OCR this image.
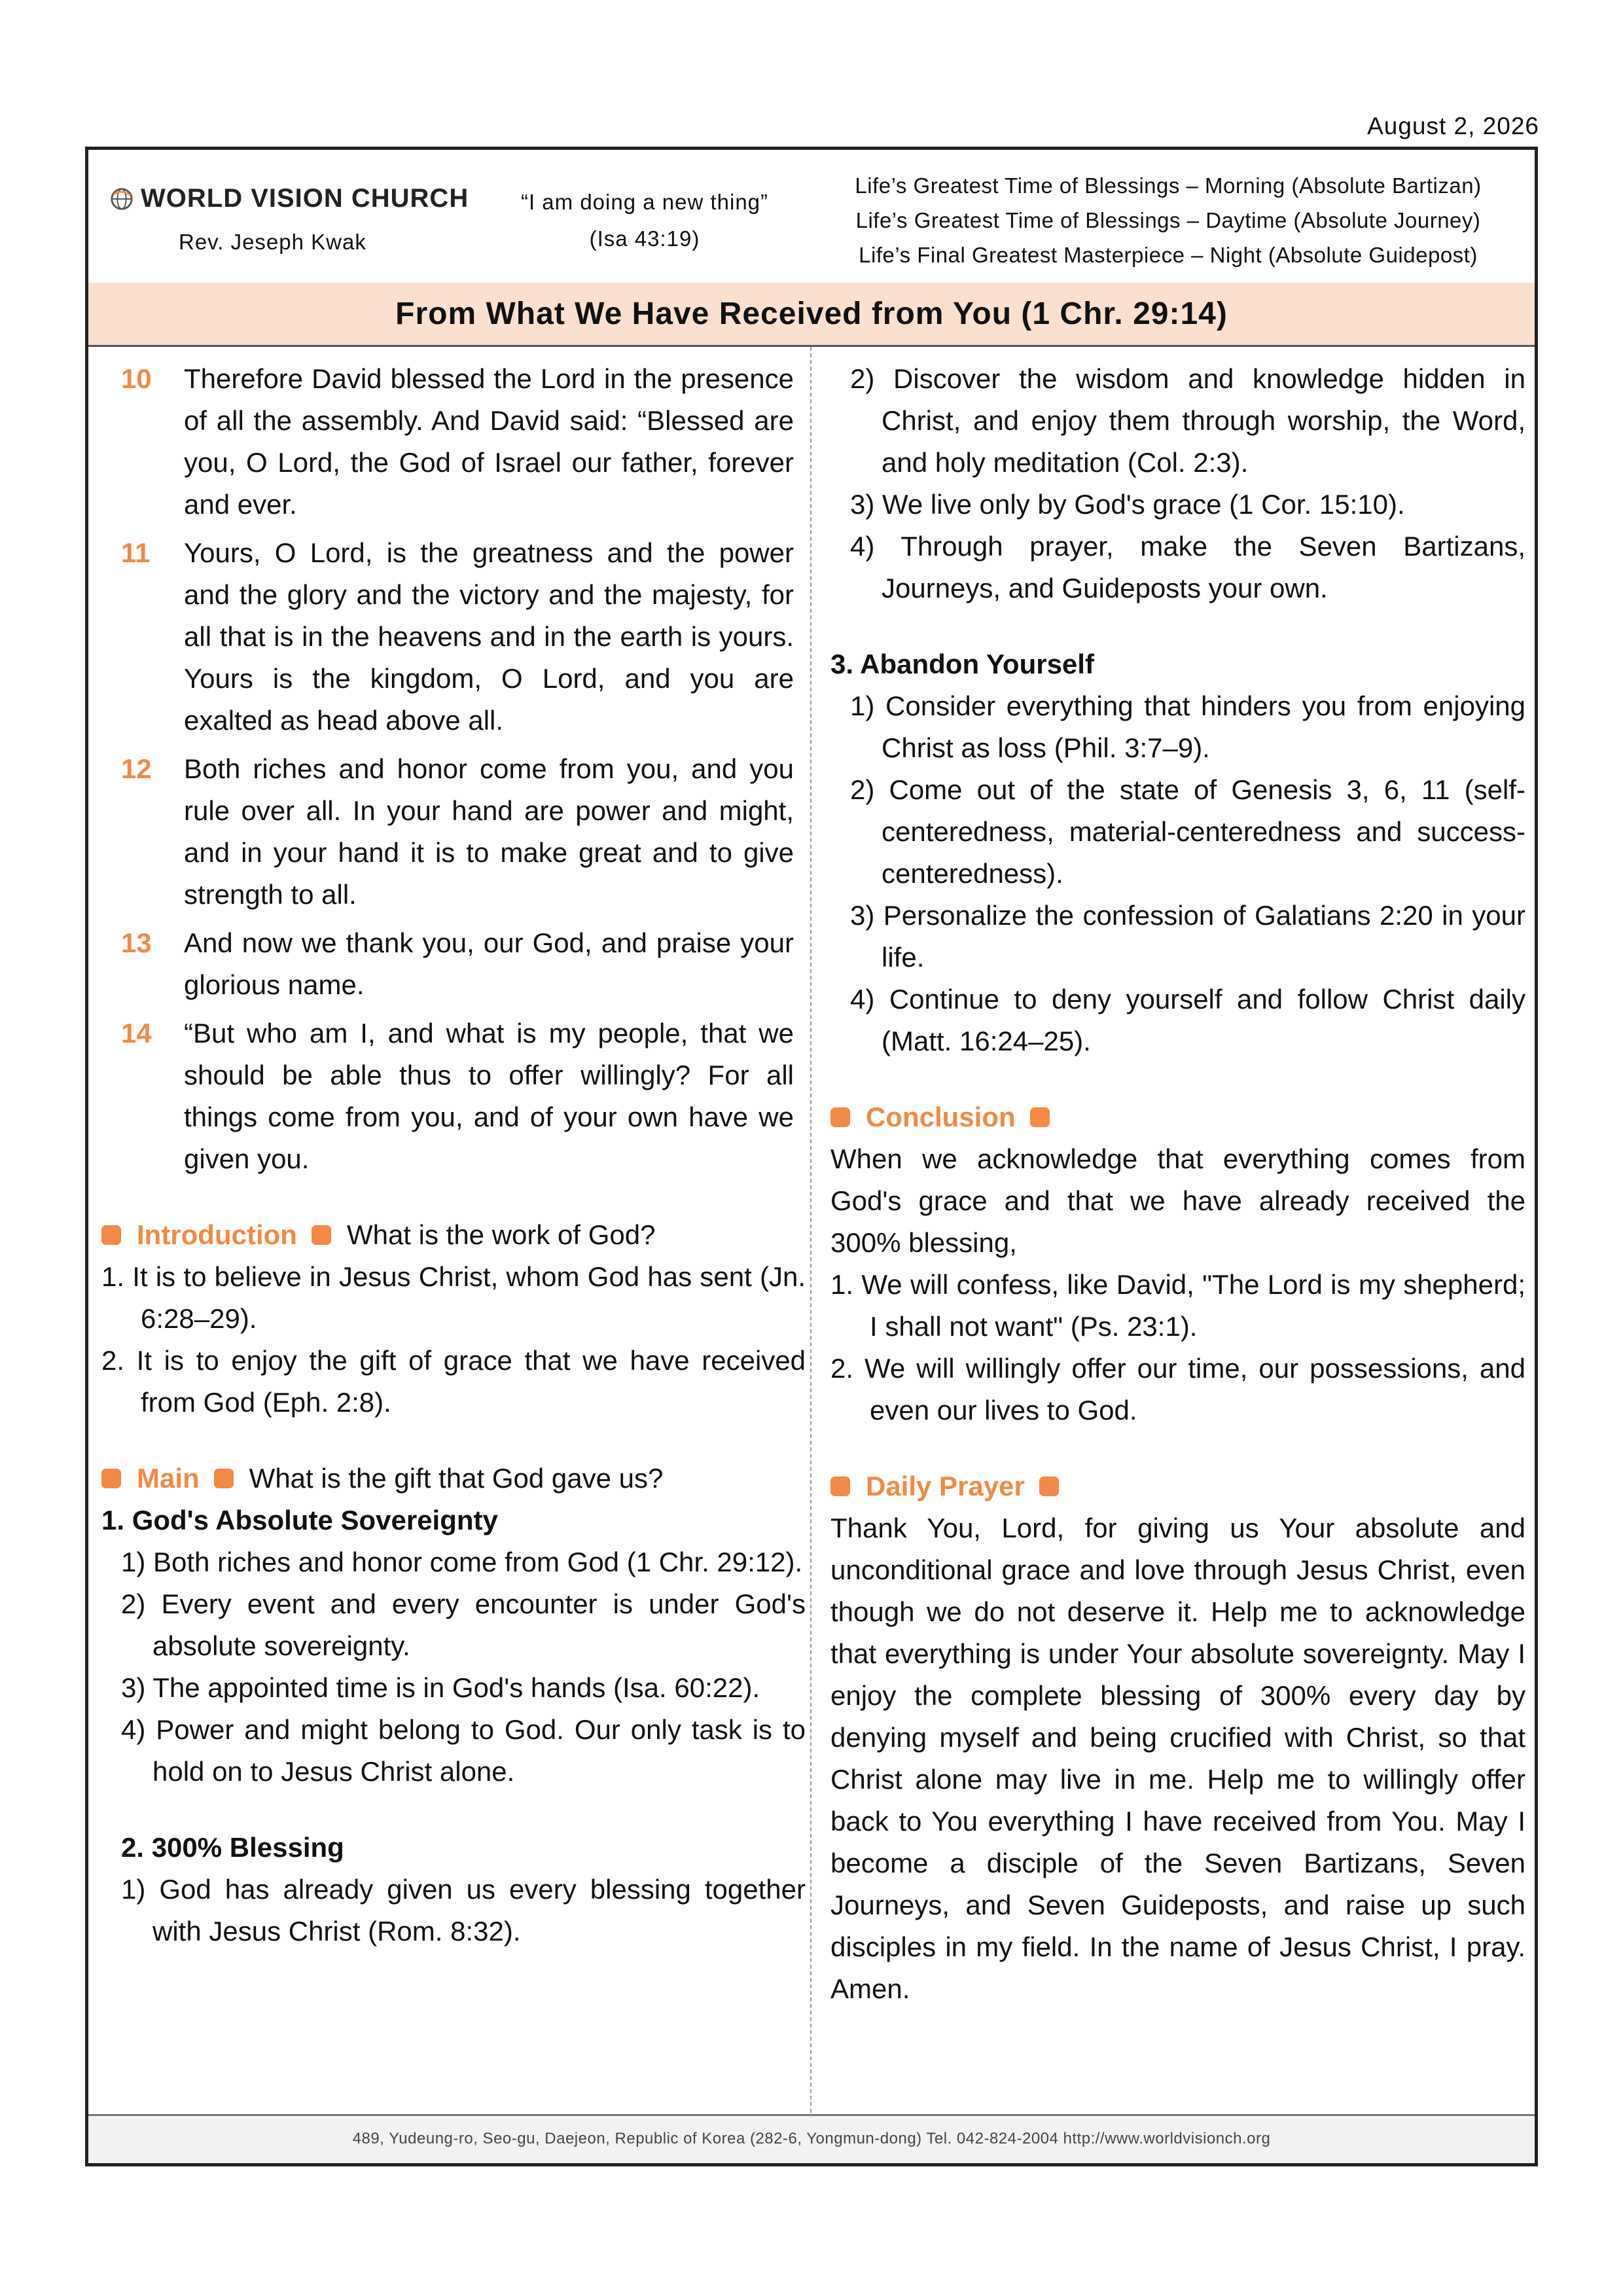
August 2, 2026
WORLD VISION CHURCH
Rev. Jeseph Kwak
“I am doing a new thing”
(Isa 43:19)
Life’s Greatest Time of Blessings – Morning (Absolute Bartizan)
Life’s Greatest Time of Blessings – Daytime (Absolute Journey)
Life’s Final Greatest Masterpiece – Night (Absolute Guidepost)
From What We Have Received from You (1 Chr. 29:14)
10	Therefore David blessed the Lord in the presence of all the assembly. And David said: “Blessed are you, O Lord, the God of Israel our father, forever and ever.
11	Yours, O Lord, is the greatness and the power and the glory and the victory and the majesty, for all that is in the heavens and in the earth is yours. Yours is the kingdom, O Lord, and you are exalted as head above all.
12	Both riches and honor come from you, and you rule over all. In your hand are power and might, and in your hand it is to make great and to give strength to all.
13	And now we thank you, our God, and praise your glorious name.
14	“But who am I, and what is my people, that we should be able thus to offer willingly? For all things come from you, and of your own have we given you.
Introduction What is the work of God?
1. It is to believe in Jesus Christ, whom God has sent (Jn. 6:28–29).
2. It is to enjoy the gift of grace that we have received from God (Eph. 2:8).
Main What is the gift that God gave us?
1. God's Absolute Sovereignty
1) Both riches and honor come from God (1 Chr. 29:12).
2) Every event and every encounter is under God's absolute sovereignty.
3) The appointed time is in God's hands (Isa. 60:22).
4) Power and might belong to God. Our only task is to hold on to Jesus Christ alone.
2. 300% Blessing
1) God has already given us every blessing together with Jesus Christ (Rom. 8:32).
2) Discover the wisdom and knowledge hidden in Christ, and enjoy them through worship, the Word, and holy meditation (Col. 2:3).
3) We live only by God's grace (1 Cor. 15:10).
4) Through prayer, make the Seven Bartizans, Journeys, and Guideposts your own.
3. Abandon Yourself
1) Consider everything that hinders you from enjoying Christ as loss (Phil. 3:7–9).
2) Come out of the state of Genesis 3, 6, 11 (self-centeredness, material-centeredness and success-centeredness).
3) Personalize the confession of Galatians 2:20 in your life.
4) Continue to deny yourself and follow Christ daily (Matt. 16:24–25).
Conclusion
When we acknowledge that everything comes from God's grace and that we have already received the 300% blessing,
1. We will confess, like David, "The Lord is my shepherd; I shall not want" (Ps. 23:1).
2. We will willingly offer our time, our possessions, and even our lives to God.
Daily Prayer
Thank You, Lord, for giving us Your absolute and unconditional grace and love through Jesus Christ, even though we do not deserve it. Help me to acknowledge that everything is under Your absolute sovereignty. May I enjoy the complete blessing of 300% every day by denying myself and being crucified with Christ, so that Christ alone may live in me. Help me to willingly offer back to You everything I have received from You. May I become a disciple of the Seven Bartizans, Seven Journeys, and Seven Guideposts, and raise up such disciples in my field. In the name of Jesus Christ, I pray. Amen.
489, Yudeung-ro, Seo-gu, Daejeon, Republic of Korea (282-6, Yongmun-dong) Tel. 042-824-2004 http://www.worldvisionch.org
